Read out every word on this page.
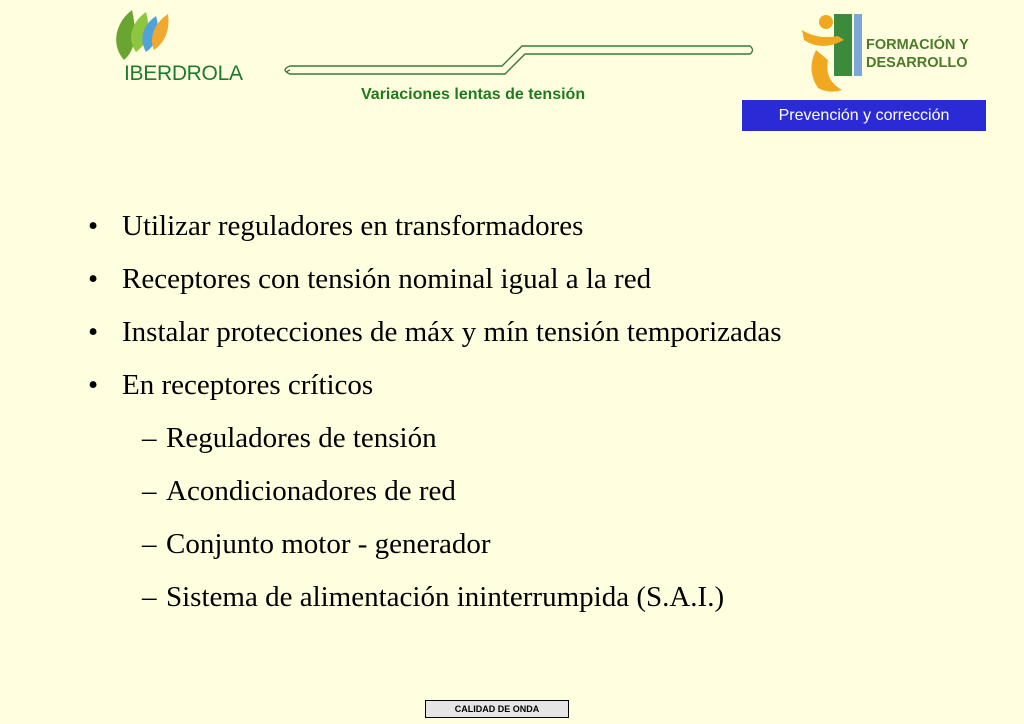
IBERDROLA
Variaciones lentas de tensión
FORMACIÓN Y
DESARROLLO
Prevención y corrección
• Utilizar reguladores en transformadores
• Receptores con tensión nominal igual a la red
• Instalar protecciones de máx y mín tensión temporizadas
• En receptores críticos
– Reguladores de tensión
– Acondicionadores de red
– Conjunto motor - generador
– Sistema de alimentación ininterrumpida (S.A.I.)
CALIDAD DE ONDA
